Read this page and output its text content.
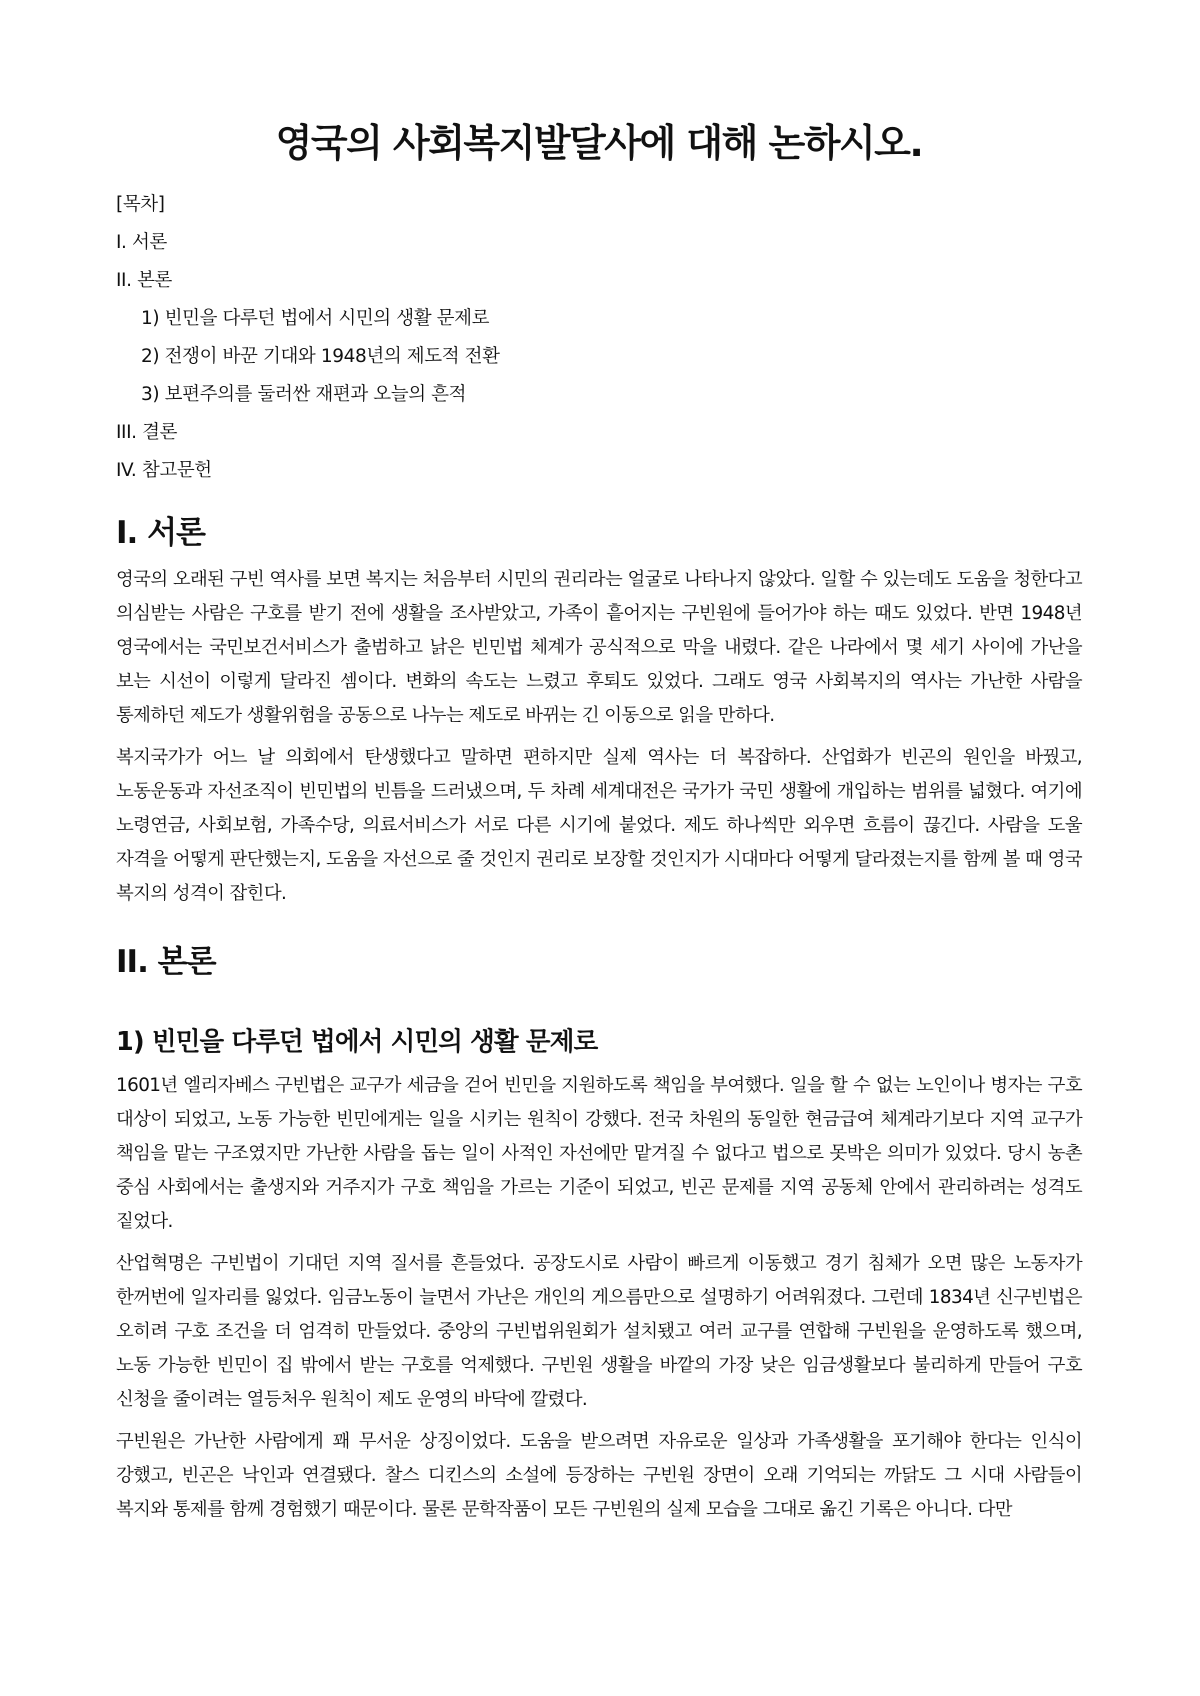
영국의 사회복지발달사에 대해 논하시오.
[목차]
I. 서론
II. 본론
1) 빈민을 다루던 법에서 시민의 생활 문제로
2) 전쟁이 바꾼 기대와 1948년의 제도적 전환
3) 보편주의를 둘러싼 재편과 오늘의 흔적
III. 결론
IV. 참고문헌
I. 서론

영국의 오래된 구빈 역사를 보면 복지는 처음부터 시민의 권리라는 얼굴로 나타나지 않았다. 일할 수 있는데도 도움을 청한다고 의심받는 사람은 구호를 받기 전에 생활을 조사받았고, 가족이 흩어지는 구빈원에 들어가야 하는 때도 있었다. 반면 1948년 영국에서는 국민보건서비스가 출범하고 낡은 빈민법 체계가 공식적으로 막을 내렸다. 같은 나라에서 몇 세기 사이에 가난을 보는 시선이 이렇게 달라진 셈이다. 변화의 속도는 느렸고 후퇴도 있었다. 그래도 영국 사회복지의 역사는 가난한 사람을 통제하던 제도가 생활위험을 공동으로 나누는 제도로 바뀌는 긴 이동으로 읽을 만하다.

복지국가가 어느 날 의회에서 탄생했다고 말하면 편하지만 실제 역사는 더 복잡하다. 산업화가 빈곤의 원인을 바꿨고, 노동운동과 자선조직이 빈민법의 빈틈을 드러냈으며, 두 차례 세계대전은 국가가 국민 생활에 개입하는 범위를 넓혔다. 여기에 노령연금, 사회보험, 가족수당, 의료서비스가 서로 다른 시기에 붙었다. 제도 하나씩만 외우면 흐름이 끊긴다. 사람을 도울 자격을 어떻게 판단했는지, 도움을 자선으로 줄 것인지 권리로 보장할 것인지가 시대마다 어떻게 달라졌는지를 함께 볼 때 영국 복지의 성격이 잡힌다.

II. 본론
1) 빈민을 다루던 법에서 시민의 생활 문제로

1601년 엘리자베스 구빈법은 교구가 세금을 걷어 빈민을 지원하도록 책임을 부여했다. 일을 할 수 없는 노인이나 병자는 구호 대상이 되었고, 노동 가능한 빈민에게는 일을 시키는 원칙이 강했다. 전국 차원의 동일한 현금급여 체계라기보다 지역 교구가 책임을 맡는 구조였지만 가난한 사람을 돕는 일이 사적인 자선에만 맡겨질 수 없다고 법으로 못박은 의미가 있었다. 당시 농촌 중심 사회에서는 출생지와 거주지가 구호 책임을 가르는 기준이 되었고, 빈곤 문제를 지역 공동체 안에서 관리하려는 성격도 짙었다.

산업혁명은 구빈법이 기대던 지역 질서를 흔들었다. 공장도시로 사람이 빠르게 이동했고 경기 침체가 오면 많은 노동자가 한꺼번에 일자리를 잃었다. 임금노동이 늘면서 가난은 개인의 게으름만으로 설명하기 어려워졌다. 그런데 1834년 신구빈법은 오히려 구호 조건을 더 엄격히 만들었다. 중앙의 구빈법위원회가 설치됐고 여러 교구를 연합해 구빈원을 운영하도록 했으며, 노동 가능한 빈민이 집 밖에서 받는 구호를 억제했다. 구빈원 생활을 바깥의 가장 낮은 임금생활보다 불리하게 만들어 구호 신청을 줄이려는 열등처우 원칙이 제도 운영의 바닥에 깔렸다.

구빈원은 가난한 사람에게 꽤 무서운 상징이었다. 도움을 받으려면 자유로운 일상과 가족생활을 포기해야 한다는 인식이 강했고, 빈곤은 낙인과 연결됐다. 찰스 디킨스의 소설에 등장하는 구빈원 장면이 오래 기억되는 까닭도 그 시대 사람들이 복지와 통제를 함께 경험했기 때문이다. 물론 문학작품이 모든 구빈원의 실제 모습을 그대로 옮긴 기록은 아니다. 다만
